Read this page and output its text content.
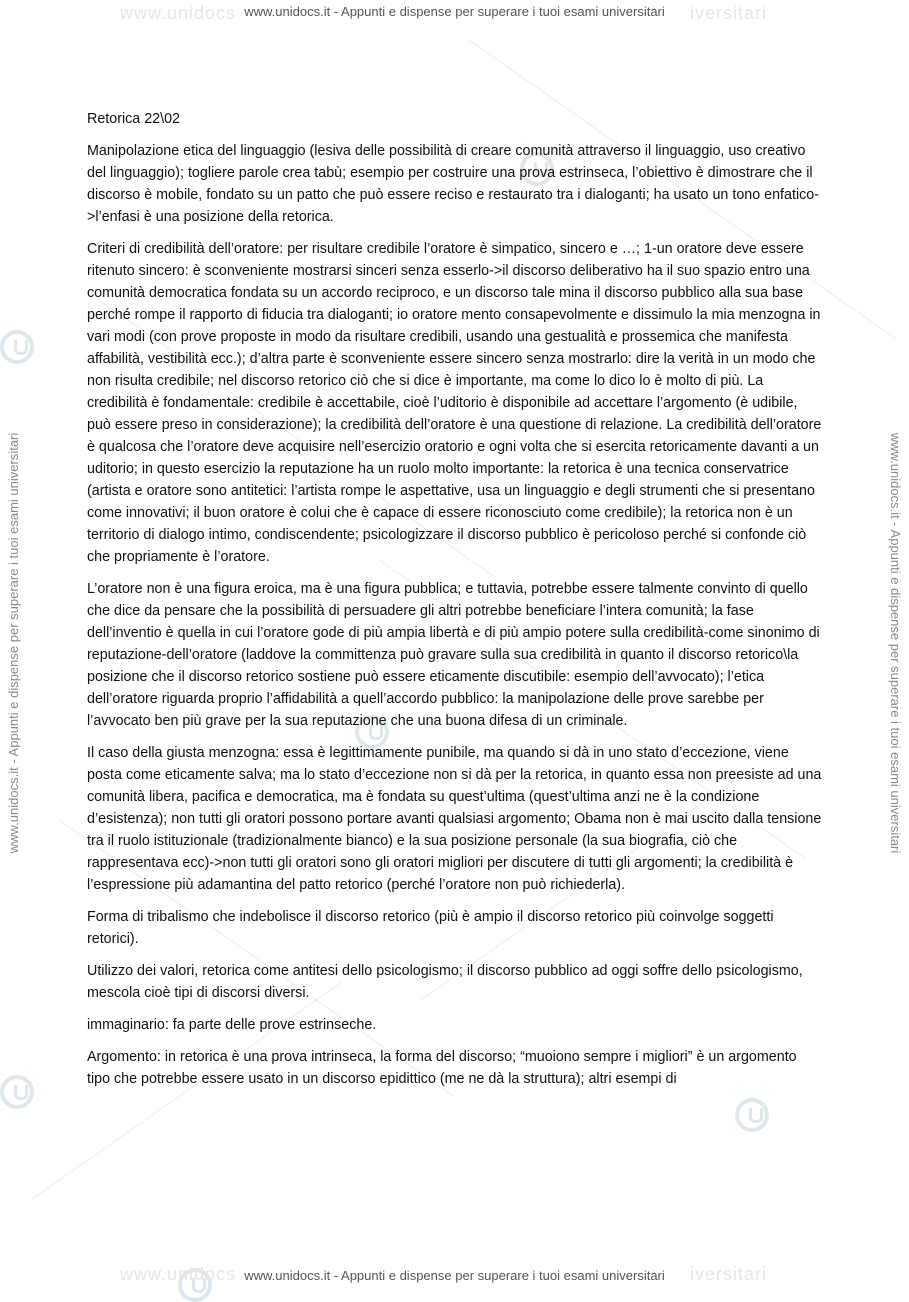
www.unidocs	iversitari
www.unidocs	iversitari
www.unidocs.it - Appunti e dispense per superare i tuoi esami universitari
www.unidocs.it - Appunti e dispense per superare i tuoi esami universitari
www.unidocs.it - Appunti e dispense per superare i tuoi esami universitari	www.unidocs.it - Appunti e dispense per superare i tuoi esami universitari
Retorica 22\02

Manipolazione etica del linguaggio (lesiva delle possibilità di creare comunità attraverso il linguaggio, uso creativo del linguaggio); togliere parole crea tabù; esempio per costruire una prova estrinseca, l’obiettivo è dimostrare che il discorso è mobile, fondato su un patto che può essere reciso e restaurato tra i dialoganti; ha usato un tono enfatico->l’enfasi è una posizione della retorica.

Criteri di credibilità dell’oratore: per risultare credibile l’oratore è simpatico, sincero e …; 1-un oratore deve essere ritenuto sincero: è sconveniente mostrarsi sinceri senza esserlo->il discorso deliberativo ha il suo spazio entro una comunità democratica fondata su un accordo reciproco, e un discorso tale mina il discorso pubblico alla sua base perché rompe il rapporto di fiducia tra dialoganti; io oratore mento consapevolmente e dissimulo la mia menzogna in vari modi (con prove proposte in modo da risultare credibili, usando una gestualità e prossemica che manifesta affabilità, vestibilità ecc.); d’altra parte è sconveniente essere sincero senza mostrarlo: dire la verità in un modo che non risulta credibile; nel discorso retorico ciò che si dice è importante, ma come lo dico lo è molto di più. La credibilità è fondamentale: credibile è accettabile, cioè l’uditorio è disponibile ad accettare l’argomento (è udibile, può essere preso in considerazione); la credibilità dell’oratore è una questione di relazione. La credibilità dell’oratore è qualcosa che l’oratore deve acquisire nell’esercizio oratorio e ogni volta che si esercita retoricamente davanti a un uditorio; in questo esercizio la reputazione ha un ruolo molto importante: la retorica è una tecnica conservatrice (artista e oratore sono antitetici: l’artista rompe le aspettative, usa un linguaggio e degli strumenti che si presentano come innovativi; il buon oratore è colui che è capace di essere riconosciuto come credibile); la retorica non è un territorio di dialogo intimo, condiscendente; psicologizzare il discorso pubblico è pericoloso perché si confonde ciò che propriamente è l’oratore.

L’oratore non è una figura eroica, ma è una figura pubblica; e tuttavia, potrebbe essere talmente convinto di quello che dice da pensare che la possibilità di persuadere gli altri potrebbe beneficiare l’intera comunità; la fase dell’inventio è quella in cui l’oratore gode di più ampia libertà e di più ampio potere sulla credibilità-come sinonimo di reputazione-dell’oratore (laddove la committenza può gravare sulla sua credibilità in quanto il discorso retorico\la posizione che il discorso retorico sostiene può essere eticamente discutibile: esempio dell’avvocato); l’etica dell’oratore riguarda proprio l’affidabilità a quell’accordo pubblico: la manipolazione delle prove sarebbe per l’avvocato ben più grave per la sua reputazione che una buona difesa di un criminale.

Il caso della giusta menzogna: essa è legittimamente punibile, ma quando si dà in uno stato d’eccezione, viene posta come eticamente salva; ma lo stato d’eccezione non si dà per la retorica, in quanto essa non preesiste ad una comunità libera, pacifica e democratica, ma è fondata su quest’ultima (quest’ultima anzi ne è la condizione d’esistenza); non tutti gli oratori possono portare avanti qualsiasi argomento; Obama non è mai uscito dalla tensione tra il ruolo istituzionale (tradizionalmente bianco) e la sua posizione personale (la sua biografia, ciò che rappresentava ecc)->non tutti gli oratori sono gli oratori migliori per discutere di tutti gli argomenti; la credibilità è l’espressione più adamantina del patto retorico (perché l’oratore non può richiederla).

Forma di tribalismo che indebolisce il discorso retorico (più è ampio il discorso retorico più coinvolge soggetti retorici).

Utilizzo dei valori, retorica come antitesi dello psicologismo; il discorso pubblico ad oggi soffre dello psicologismo, mescola cioè tipi di discorsi diversi.

immaginario: fa parte delle prove estrinseche.

Argomento: in retorica è una prova intrinseca, la forma del discorso; “muoiono sempre i migliori” è un argomento tipo che potrebbe essere usato in un discorso epidittico (me ne dà la struttura); altri esempi di
